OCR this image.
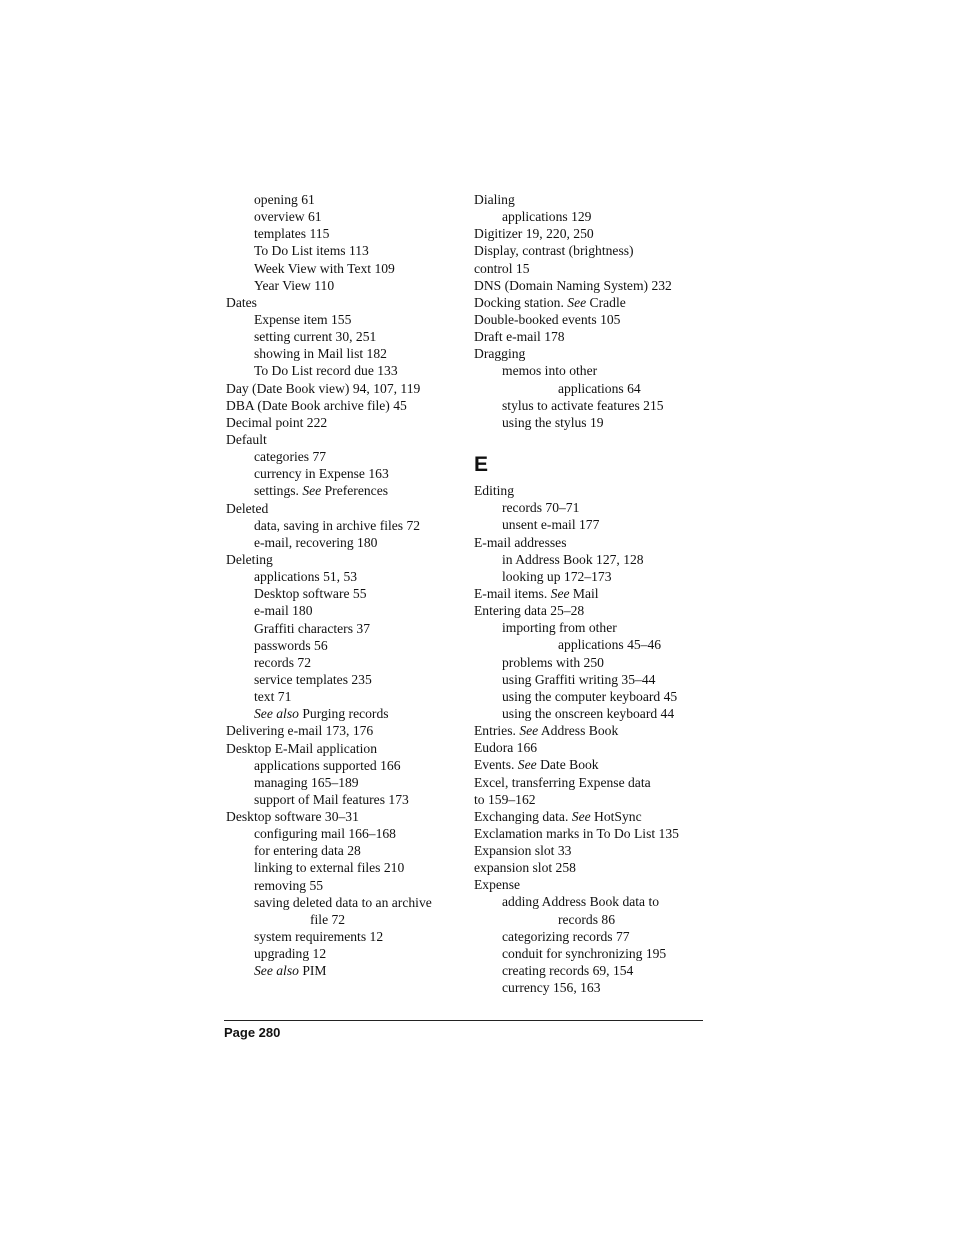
opening 61
overview 61
templates 115
To Do List items 113
Week View with Text 109
Year View 110
Dates
Expense item 155
setting current 30, 251
showing in Mail list 182
To Do List record due 133
Day (Date Book view) 94, 107, 119
DBA (Date Book archive file) 45
Decimal point 222
Default
categories 77
currency in Expense 163
settings. See Preferences
Deleted
data, saving in archive files 72
e-mail, recovering 180
Deleting
applications 51, 53
Desktop software 55
e-mail 180
Graffiti characters 37
passwords 56
records 72
service templates 235
text 71
See also Purging records
Delivering e-mail 173, 176
Desktop E-Mail application
applications supported 166
managing 165–189
support of Mail features 173
Desktop software 30–31
configuring mail 166–168
for entering data 28
linking to external files 210
removing 55
saving deleted data to an archive
file 72
system requirements 12
upgrading 12
See also PIM
Dialing
applications 129
Digitizer 19, 220, 250
Display, contrast (brightness)
control 15
DNS (Domain Naming System) 232
Docking station. See Cradle
Double-booked events 105
Draft e-mail 178
Dragging
memos into other
applications 64
stylus to activate features 215
using the stylus 19
E
Editing
records 70–71
unsent e-mail 177
E-mail addresses
in Address Book 127, 128
looking up 172–173
E-mail items. See Mail
Entering data 25–28
importing from other
applications 45–46
problems with 250
using Graffiti writing 35–44
using the computer keyboard 45
using the onscreen keyboard 44
Entries. See Address Book
Eudora 166
Events. See Date Book
Excel, transferring Expense data
to 159–162
Exchanging data. See HotSync
Exclamation marks in To Do List 135
Expansion slot 33
expansion slot 258
Expense
adding Address Book data to
records 86
categorizing records 77
conduit for synchronizing 195
creating records 69, 154
currency 156, 163
Page 280
